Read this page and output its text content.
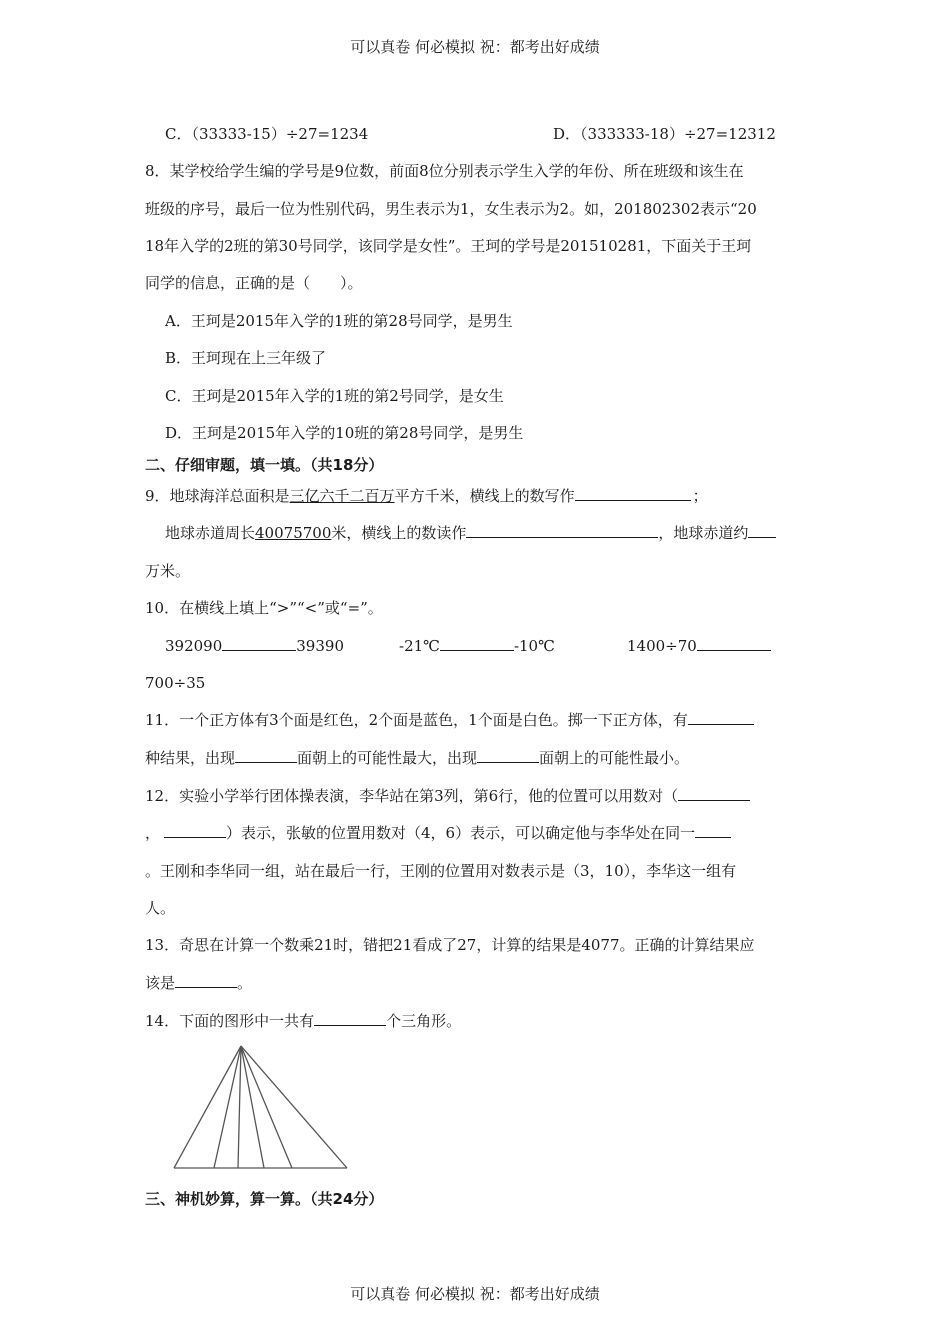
可以真卷 何必模拟 祝：都考出好成绩
C．（33333-15）÷27=1234	D．（333333-18）÷27=12312
8．某学校给学生编的学号是9位数，前面8位分别表示学生入学的年份、所在班级和该生在
班级的序号，最后一位为性别代码，男生表示为1，女生表示为2。如，201802302表示“20
18年入学的2班的第30号同学，该同学是女性”。王珂的学号是201510281，下面关于王珂
同学的信息，正确的是（　　）。
A．王珂是2015年入学的1班的第28号同学，是男生
B．王珂现在上三年级了
C．王珂是2015年入学的1班的第2号同学，是女生
D．王珂是2015年入学的10班的第28号同学，是男生
二、仔细审题，填一填。（共18分）
9．地球海洋总面积是三亿六千二百万平方千米，横线上的数写作	；
地球赤道周长40075700米，横线上的数读作	，地球赤道约
万米。
10．在横线上填上“>”“<”或“=”。
392090	39390	-21℃	-10℃	1400÷70
700÷35
11．一个正方体有3个面是红色，2个面是蓝色，1个面是白色。掷一下正方体，有
种结果，出现	面朝上的可能性最大，出现	面朝上的可能性最小。
12．实验小学举行团体操表演，李华站在第3列，第6行，他的位置可以用数对（
，	）表示，张敏的位置用数对（4，6）表示，可以确定他与李华处在同一
。王刚和李华同一组，站在最后一行，王刚的位置用对数表示是（3，10），李华这一组有
人。
13．奇思在计算一个数乘21时，错把21看成了27，计算的结果是4077。正确的计算结果应
该是	。
14．下面的图形中一共有	个三角形。
三、神机妙算，算一算。（共24分）
可以真卷 何必模拟 祝：都考出好成绩
